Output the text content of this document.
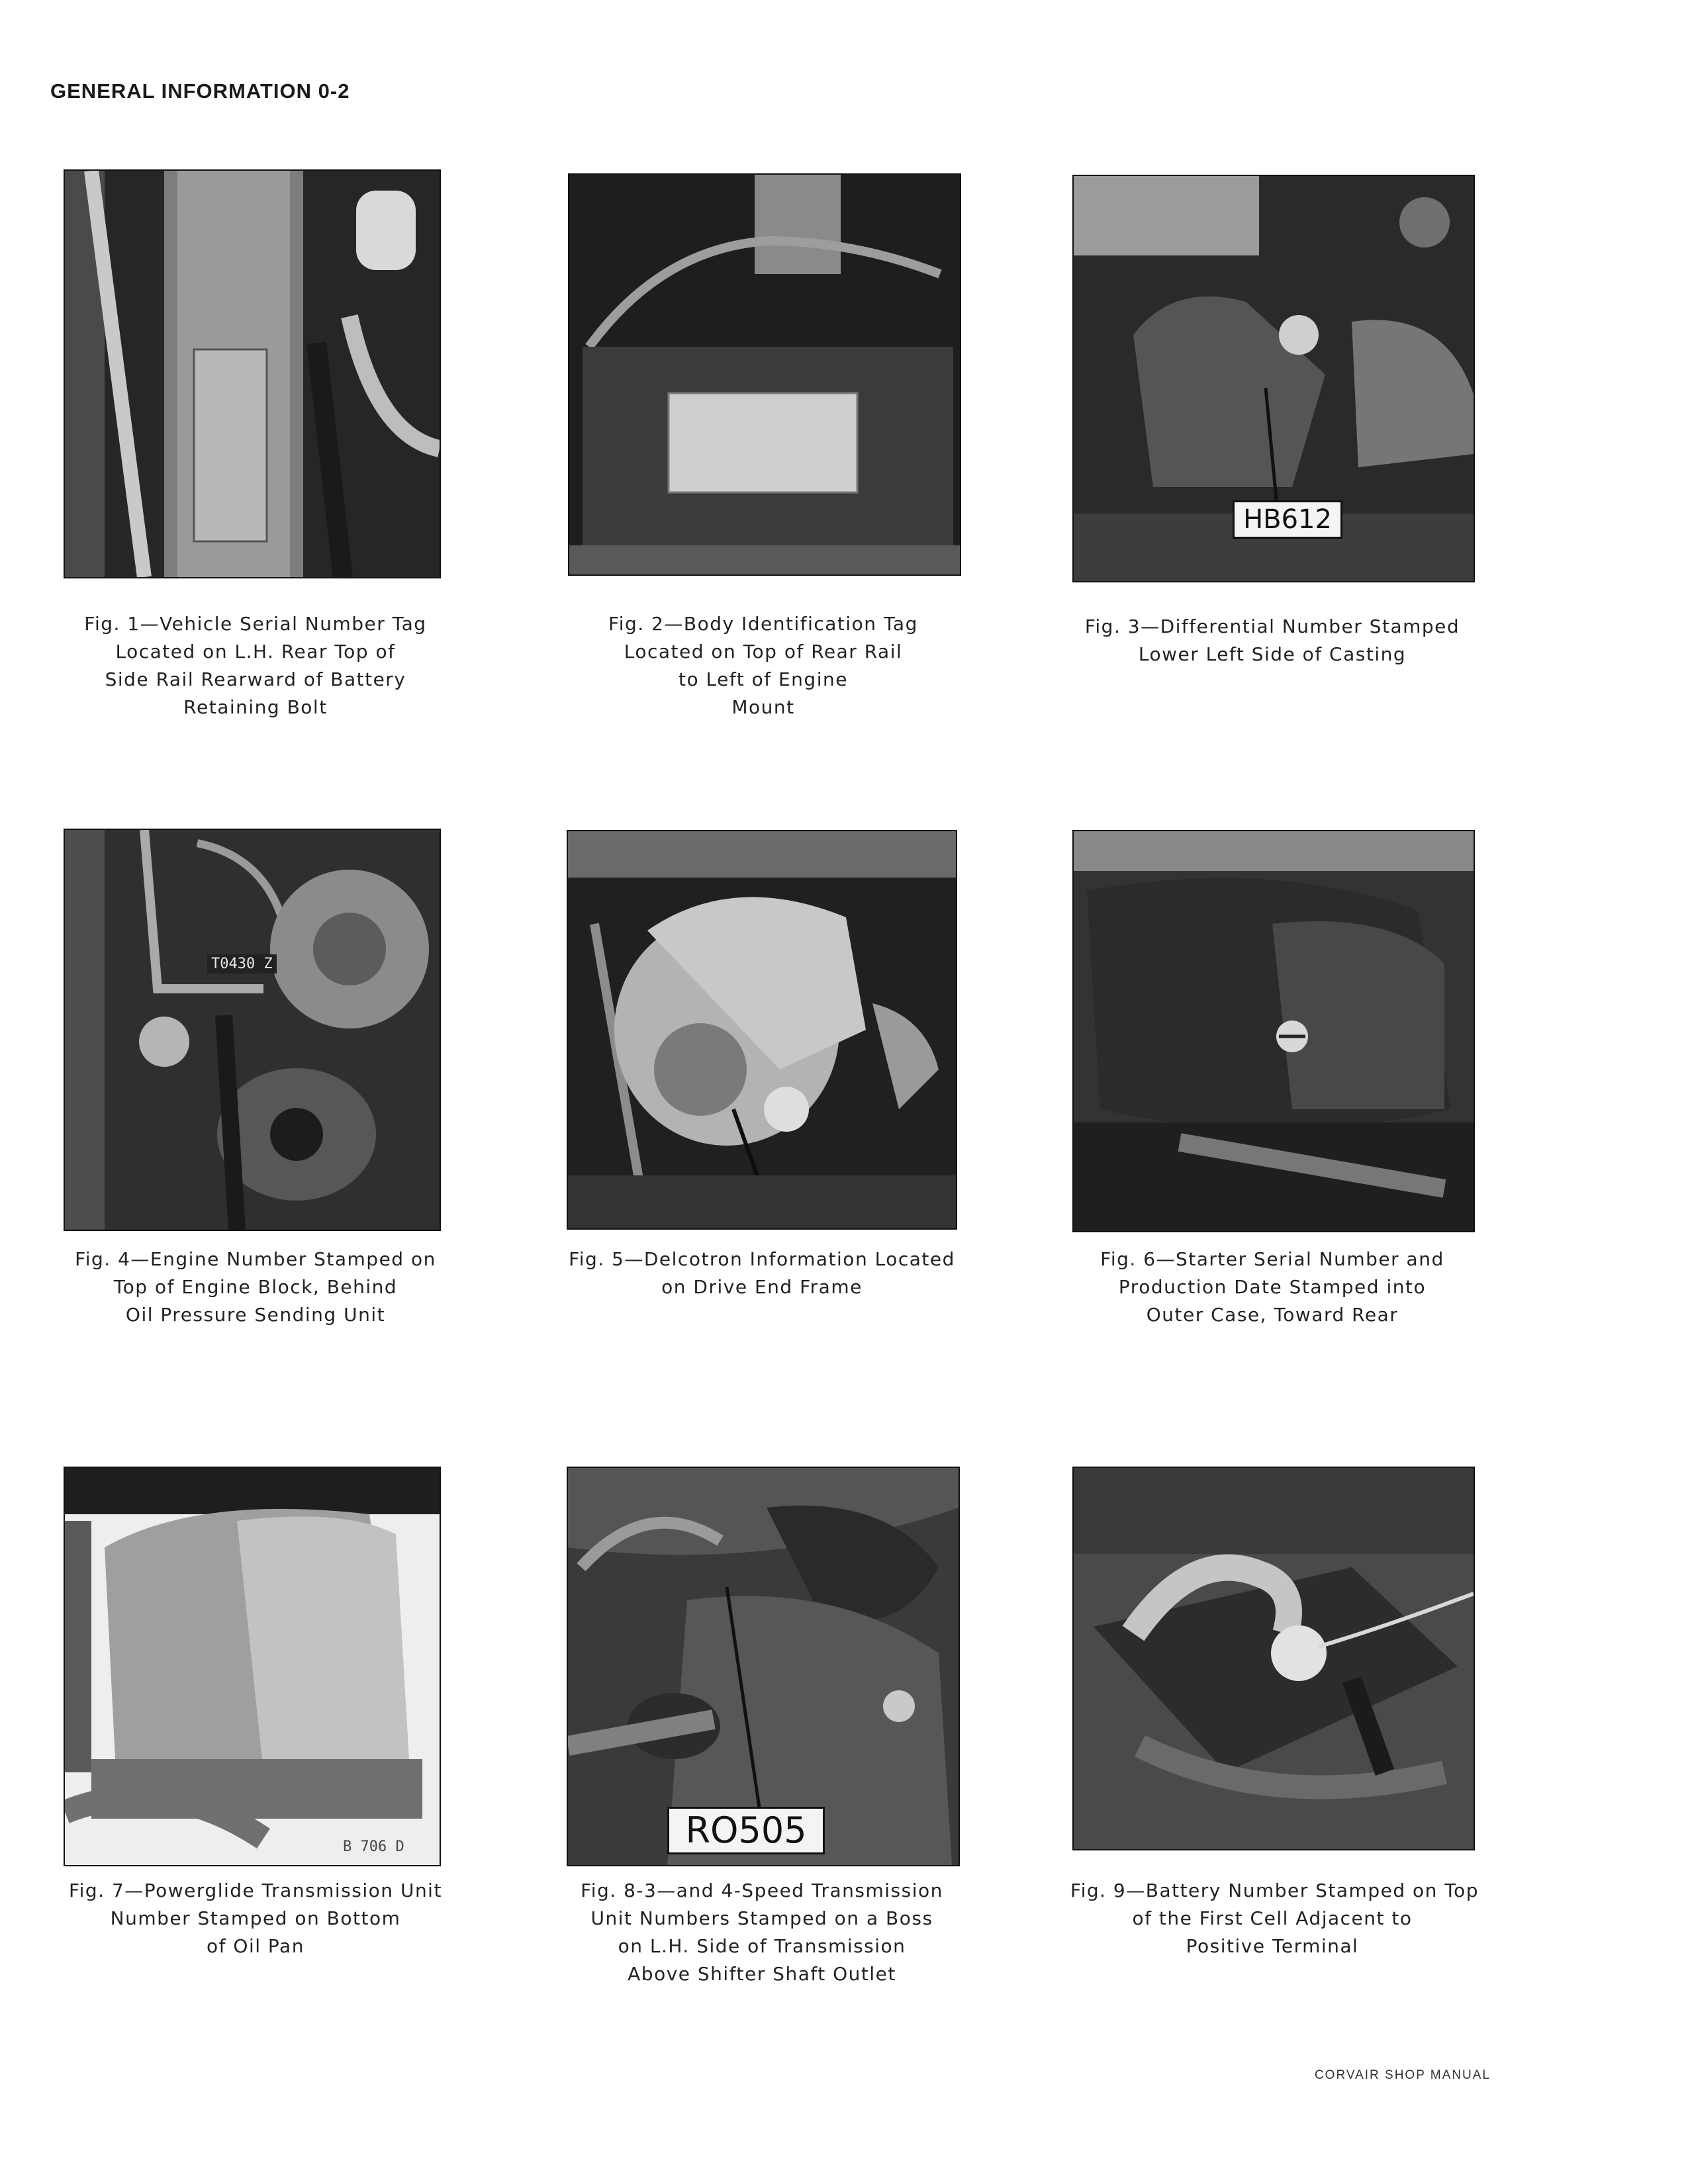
GENERAL INFORMATION 0-2
Fig. 1—Vehicle Serial Number Tag
Located on L.H. Rear Top of
Side Rail Rearward of Battery
Retaining Bolt
Fig. 2—Body Identification Tag
Located on Top of Rear Rail
to Left of Engine
Mount
HB612
Fig. 3—Differential Number Stamped
Lower Left Side of Casting
T0430 Z
Fig. 4—Engine Number Stamped on
Top of Engine Block, Behind
Oil Pressure Sending Unit
Fig. 5—Delcotron Information Located
on Drive End Frame
Fig. 6—Starter Serial Number and
Production Date Stamped into
Outer Case, Toward Rear
B 706 D
Fig. 7—Powerglide Transmission Unit
Number Stamped on Bottom
of Oil Pan
RO505
Fig. 8-3—and 4-Speed Transmission
Unit Numbers Stamped on a Boss
on L.H. Side of Transmission
Above Shifter Shaft Outlet
Fig. 9—Battery Number Stamped on Top
of the First Cell Adjacent to
Positive Terminal
CORVAIR SHOP MANUAL
